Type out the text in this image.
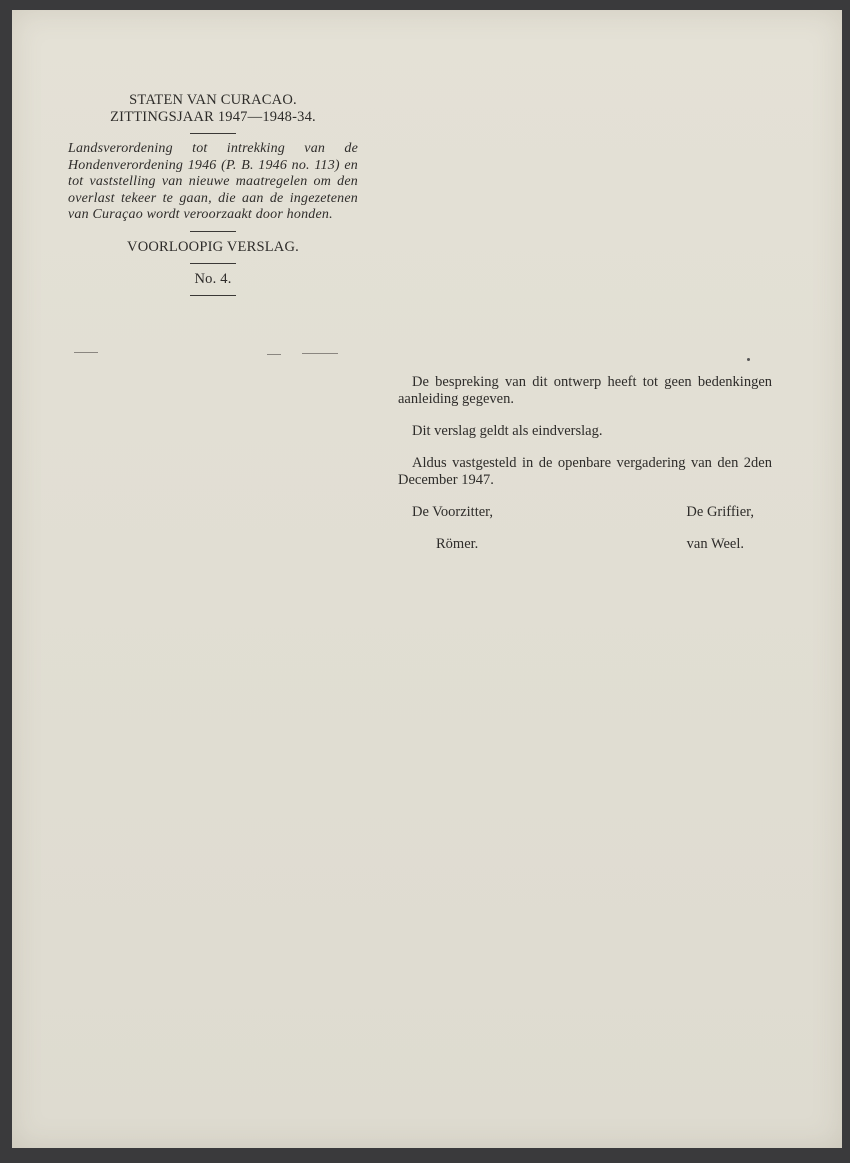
STATEN VAN CURACAO.
ZITTINGSJAAR 1947—1948-34.
Landsverordening tot intrekking van de Hondenverordening 1946 (P. B. 1946 no. 113) en tot vaststelling van nieuwe maatregelen om den overlast tekeer te gaan, die aan de ingezetenen van Curaçao wordt veroorzaakt door honden.
VOORLOOPIG VERSLAG.
No. 4.

De bespreking van dit ontwerp heeft tot geen bedenkingen aanleiding gegeven.

Dit verslag geldt als eindverslag.

Aldus vastgesteld in de openbare vergadering van den 2den December 1947.

De Voorzitter,	De Griffier,
Römer.	van Weel.
